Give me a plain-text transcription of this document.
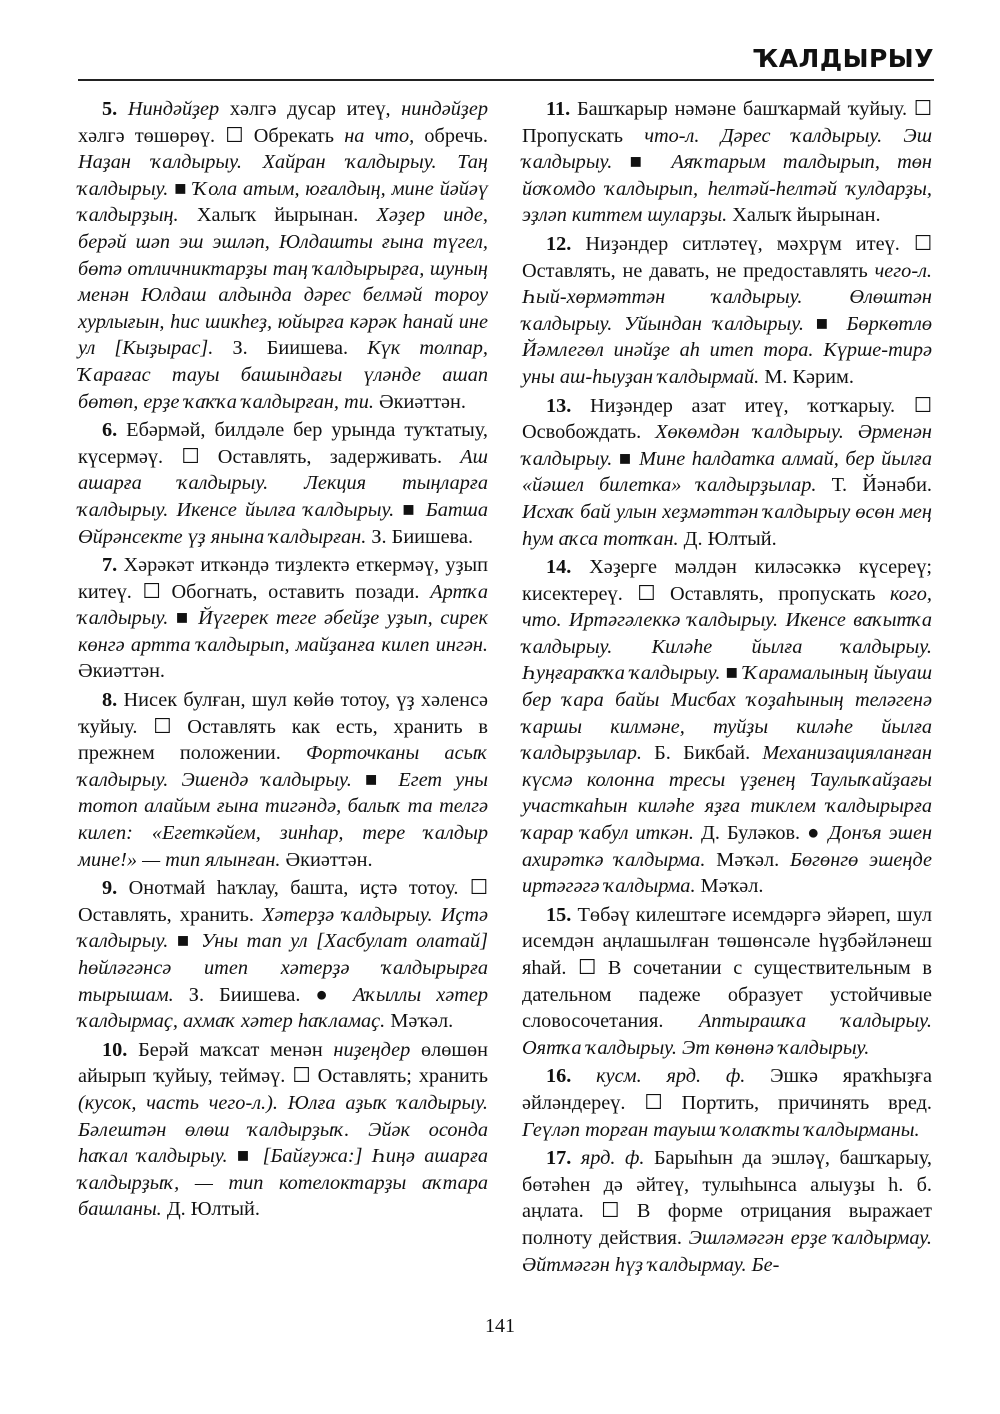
ҠАЛДЫРЫУ

5. Ниндәйҙер хәлгә дусар итеү, ниндәйҙер хәлгә төшөрөү. ☐ Обрекать на что, обречь. Наҙан ҡалдырыу. Хайран ҡалдырыу. Таң ҡалдырыу. ■ Ҡола атым, юғалдың, мине йәйәү ҡалдырҙың. Халыҡ йырынан. Хәҙер инде, берәй шәп эш эшләп, Юлдашты ғына түгел, бөтә отличниктарҙы таң ҡалдырырға, шуның менән Юлдаш алдында дәрес белмәй тороу хурлығын, һис шикһеҙ, юйырға кәрәк һанай ине ул [Кыҙырас]. З. Биишева. Күк толпар, Ҡарағас тауы башындағы үләнде ашап бөтөп, ерҙе ҡаҡҡа ҡалдырған, ти. Әкиәттән.

6. Ебәрмәй, билдәле бер урында туҡтатыу, күсермәү. ☐ Оставлять, задерживать. Аш ашарға ҡалдырыу. Лекция тыңларға ҡалдырыу. Икенсе йылға ҡалдырыу. ■ Батша Өйрәнсекте үҙ янына ҡалдырған. З. Биишева.

7. Хәрәкәт иткәндә тиҙлектә еткермәү, уҙып китеү. ☐ Обогнать, оставить позади. Артҡа ҡалдырыу. ■ Йүгерек теге әбейҙе уҙып, сирек көнгә артта ҡалдырып, майҙанға килеп ингән. Әкиәттән.

8. Нисек булған, шул көйө тотоу, үҙ хәленсә ҡуйыу. ☐ Оставлять как есть, хранить в прежнем положении. Форточканы асыҡ ҡалдырыу. Эшендә ҡалдырыу. ■ Егет уны тотоп алайым ғына тигәндә, балыҡ та телгә килеп: «Егеткәйем, зинһар, тере ҡалдыр мине!» — тип ялынған. Әкиәттән.

9. Онотмай һаҡлау, башта, иҫтә тотоу. ☐ Оставлять, хранить. Хәтерҙә ҡалдырыу. Иҫтә ҡалдырыу. ■ Уны тап ул [Хасбулат олатай] һөйләгәнсә итеп хәтерҙә ҡалдырырға тырышам. З. Биишева. ● Аҡыллы хәтер ҡалдырмаҫ, ахмаҡ хәтер һаҡламаҫ. Мәҡәл.

10. Берәй маҡсат менән ниҙеңдер өлөшөн айырып ҡуйыу, теймәү. ☐ Оставлять; хранить (кусок, часть чего-л.). Юлға аҙыҡ ҡалдырыу. Бәлештән өлөш ҡалдырҙыҡ. Эйәк осонда һаҡал ҡалдырыу. ■ [Байғужа:] Һиңә ашарға ҡалдырҙыҡ, — тип котелоктарҙы аҡтара башланы. Д. Юлтый.

11. Башҡарыр нәмәне башҡармай ҡуйыу. ☐ Пропускать что-л. Дәрес ҡалдырыу. Эш ҡалдырыу. ■ Аяҡтарым талдырып, төн йоҡомдо ҡалдырып, һелтәй-һелтәй ҡулдарҙы, эҙләп киттем шуларҙы. Халыҡ йырынан.

12. Ниҙәндер ситләтеү, мәхрүм итеү. ☐ Оставлять, не давать, не предоставлять чего-л. Һый-хөрмәттән ҡалдырыу. Өлөштән ҡалдырыу. Уйындан ҡалдырыу. ■ Бөркөтлө Йәмлегөл инәйҙе аһ итеп тора. Күрше-тирә уны аш-һыуҙан ҡалдырмай. М. Кәрим.

13. Ниҙәндер азат итеү, ҡотҡарыу. ☐ Освобождать. Хөкөмдән ҡалдырыу. Әрменән ҡалдырыу. ■ Мине һалдатка алмай, бер йылға «йәшел билетка» ҡалдырҙылар. Т. Йәнәби. Исхаҡ бай улын хеҙмәттән ҡалдырыу өсөн мең һум аҡса тотҡан. Д. Юлтый.

14. Хәҙерге мәлдән киләсәккә күсереү; кисектереү. ☐ Оставлять, пропускать кого, что. Иртәгәлеккә ҡалдырыу. Икенсе ваҡытҡа ҡалдырыу. Киләһе йылға ҡалдырыу. Һуңғараҡҡа ҡалдырыу. ■ Ҡарамалының йыуаш бер ҡара байы Мисбах ҡоҙаһының теләгенә ҡаршы килмәне, туйҙы киләһе йылға ҡалдырҙылар. Б. Бикбай. Механизацияланған күсмә колонна тресы үҙенең Таулыҡайҙағы участкаһын киләһе яҙға тиклем ҡалдырырға ҡарар ҡабул иткән. Д. Буләков. ● Донъя эшен ахирәткә ҡалдырма. Мәҡәл. Бөгөнгө эшеңде иртәгәгә ҡалдырма. Мәҡәл.

15. Төбәү килештәге исемдәргә эйәреп, шул исемдән аңлашылған төшөнсәле һүҙбәйләнеш яһай. ☐ В сочетании с существительным в дательном падеже образует устойчивые словосочетания. Аптырашҡа ҡалдырыу. Оятҡа ҡалдырыу. Эт көнөнә ҡалдырыу.

16. кусм. ярд. ф. Эшкә яраҡһыҙға әйләндереү. ☐ Портить, причинять вред. Геүләп торған тауыш ҡолаҡты ҡалдырманы.

17. ярд. ф. Барыһын да эшләү, башҡарыу, бөтәһен дә әйтеү, тулыһынса алыуҙы һ. б. аңлата. ☐ В форме отрицания выражает полноту действия. Эшләмәгән ерҙе ҡалдырмау. Әйтмәгән һүҙ ҡалдырмау. Бе-

141
